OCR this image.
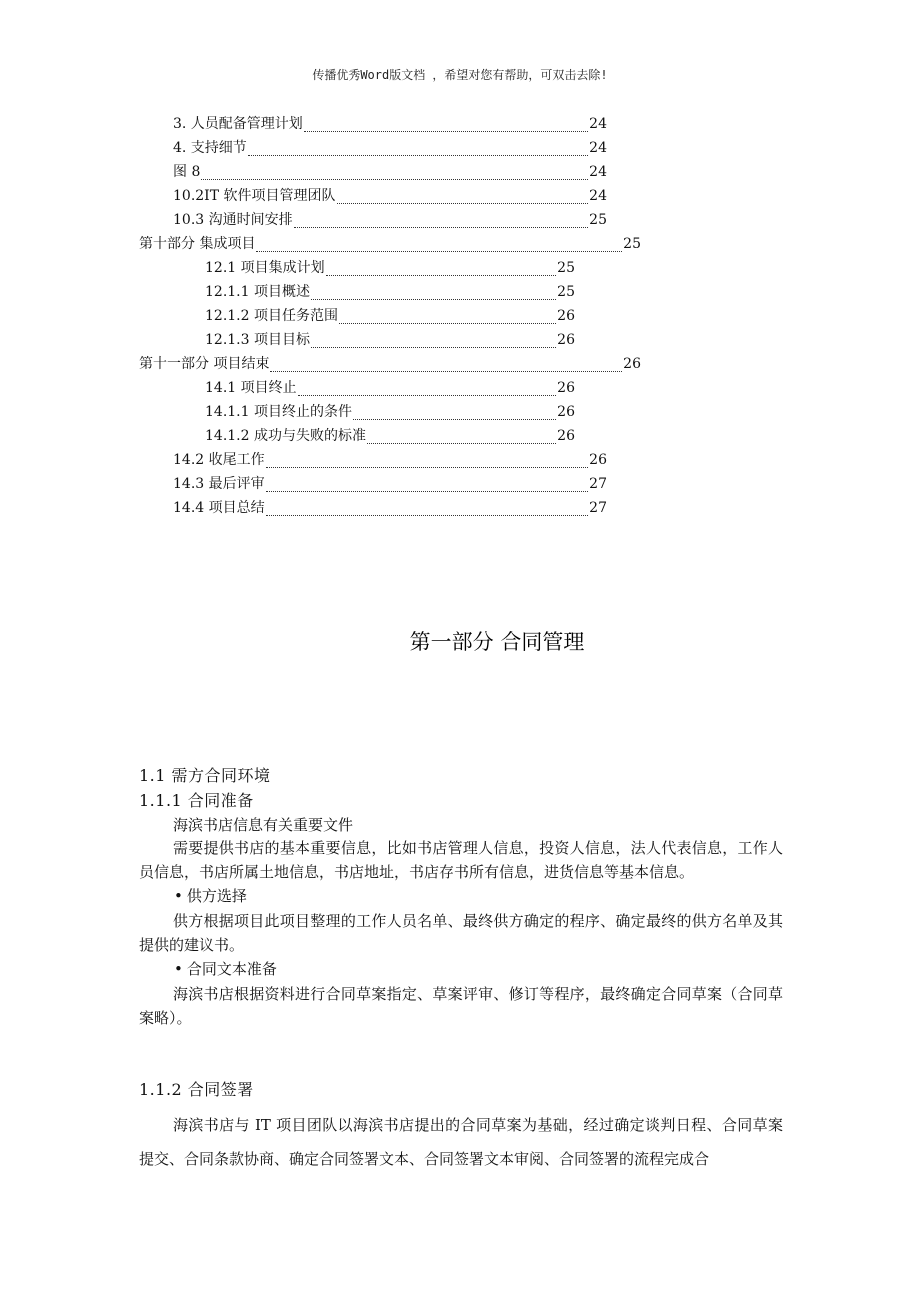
传播优秀Word版文档 ，希望对您有帮助，可双击去除!
3. 人员配备管理计划	24
4. 支持细节	24
图 8	24
10.2IT 软件项目管理团队	24
10.3 沟通时间安排	25
第十部分 集成项目	25
12.1 项目集成计划	25
12.1.1 项目概述	25
12.1.2 项目任务范围	26
12.1.3 项目目标	26
第十一部分 项目结束	26
14.1 项目终止	26
14.1.1 项目终止的条件	26
14.1.2 成功与失败的标准	26
14.2 收尾工作	26
14.3 最后评审	27
14.4 项目总结	27
第一部分 合同管理
1.1 需方合同环境
1.1.1 合同准备

海滨书店信息有关重要文件

需要提供书店的基本重要信息，比如书店管理人信息，投资人信息，法人代表信息，工作人员信息，书店所属土地信息，书店地址，书店存书所有信息，进货信息等基本信息。

• 供方选择

供方根据项目此项目整理的工作人员名单、最终供方确定的程序、确定最终的供方名单及其提供的建议书。

• 合同文本准备

海滨书店根据资料进行合同草案指定、草案评审、修订等程序，最终确定合同草案（合同草案略）。

1.1.2 合同签署

海滨书店与 IT 项目团队以海滨书店提出的合同草案为基础，经过确定谈判日程、合同草案提交、合同条款协商、确定合同签署文本、合同签署文本审阅、合同签署的流程完成合
